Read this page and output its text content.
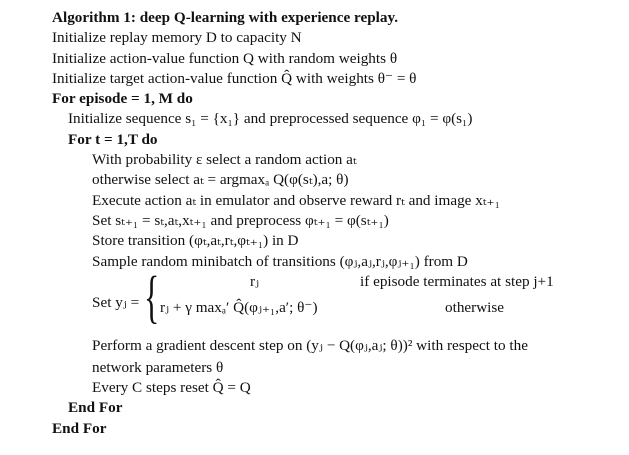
Algorithm 1: deep Q-learning with experience replay.
Initialize replay memory D to capacity N
Initialize action-value function Q with random weights θ
Initialize target action-value function Q̂ with weights θ⁻ = θ
For episode = 1, M do
Initialize sequence s₁ = {x₁} and preprocessed sequence φ₁ = φ(s₁)
For t = 1,T do
With probability ε select a random action aₜ
otherwise select aₜ = argmaxₐ Q(φ(sₜ),a; θ)
Execute action aₜ in emulator and observe reward rₜ and image xₜ₊₁
Set sₜ₊₁ = sₜ,aₜ,xₜ₊₁ and preprocess φₜ₊₁ = φ(sₜ₊₁)
Store transition (φₜ,aₜ,rₜ,φₜ₊₁) in D
Sample random minibatch of transitions (φⱼ,aⱼ,rⱼ,φⱼ₊₁) from D
Set yⱼ = {	rⱼ	if episode terminates at step j+1
rⱼ + γ maxₐ′ Q̂(φⱼ₊₁,a′; θ⁻)	otherwise
Perform a gradient descent step on (yⱼ − Q(φⱼ,aⱼ; θ))² with respect to the
network parameters θ
Every C steps reset Q̂ = Q
End For
End For
